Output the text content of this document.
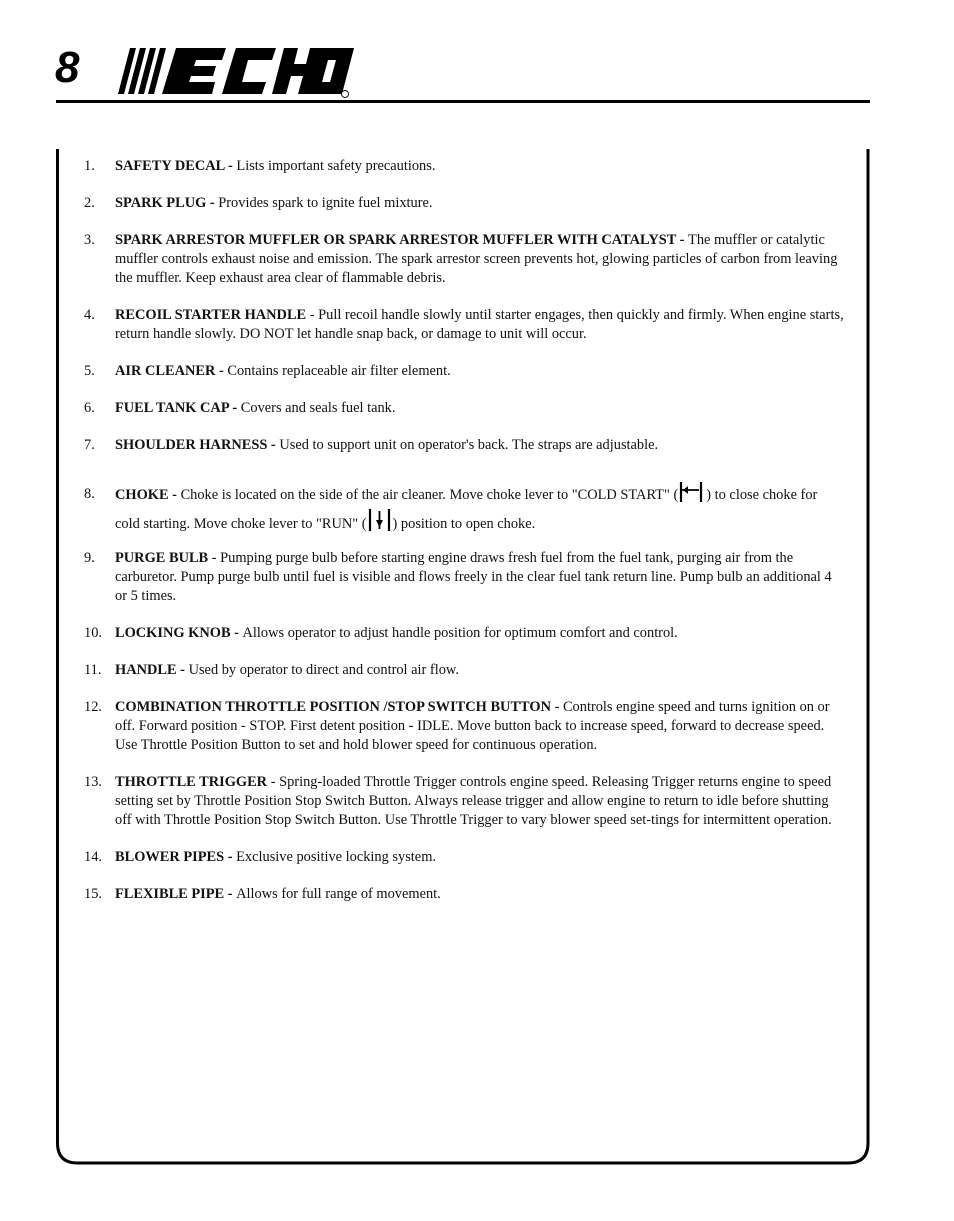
8
1.	SAFETY DECAL - Lists important safety precautions.
2.	SPARK PLUG - Provides spark to ignite fuel mixture.
3.	SPARK ARRESTOR MUFFLER OR SPARK ARRESTOR MUFFLER WITH CATALYST - The muffler or catalytic muffler controls exhaust noise and emission. The spark arrestor screen prevents hot, glowing particles of carbon from leaving the muffler. Keep exhaust area clear of flammable debris.
4.	RECOIL STARTER HANDLE - Pull recoil handle slowly until starter engages, then quickly and firmly. When engine starts, return handle slowly. DO NOT let handle snap back, or damage to unit will occur.
5.	AIR CLEANER - Contains replaceable air filter element.
6.	FUEL TANK CAP - Covers and seals fuel tank.
7.	SHOULDER HARNESS - Used to support unit on operator's back. The straps are adjustable.
8.	CHOKE - Choke is located on the side of the air cleaner. Move choke lever to "COLD START" ( ) to close choke for cold starting. Move choke lever to "RUN" ( ) position to open choke.
9.	PURGE BULB - Pumping purge bulb before starting engine draws fresh fuel from the fuel tank, purging air from the carburetor. Pump purge bulb until fuel is visible and flows freely in the clear fuel tank return line. Pump bulb an additional 4 or 5 times.
10. LOCKING KNOB - Allows operator to adjust handle position for optimum comfort and control.
11. HANDLE - Used by operator to direct and control air flow.
12. COMBINATION THROTTLE POSITION /STOP SWITCH BUTTON - Controls engine speed and turns ignition on or off. Forward position - STOP. First detent position - IDLE. Move button back to increase speed, forward to decrease speed. Use Throttle Position Button to set and hold blower speed for continuous operation.
13. THROTTLE TRIGGER - Spring-loaded Throttle Trigger controls engine speed. Releasing Trigger returns engine to speed setting set by Throttle Position Stop Switch Button. Always release trigger and allow engine to return to idle before shutting off with Throttle Position Stop Switch Button. Use Throttle Trigger to vary blower speed set-tings for intermittent operation.
14. BLOWER PIPES - Exclusive positive locking system.
15. FLEXIBLE PIPE - Allows for full range of movement.
